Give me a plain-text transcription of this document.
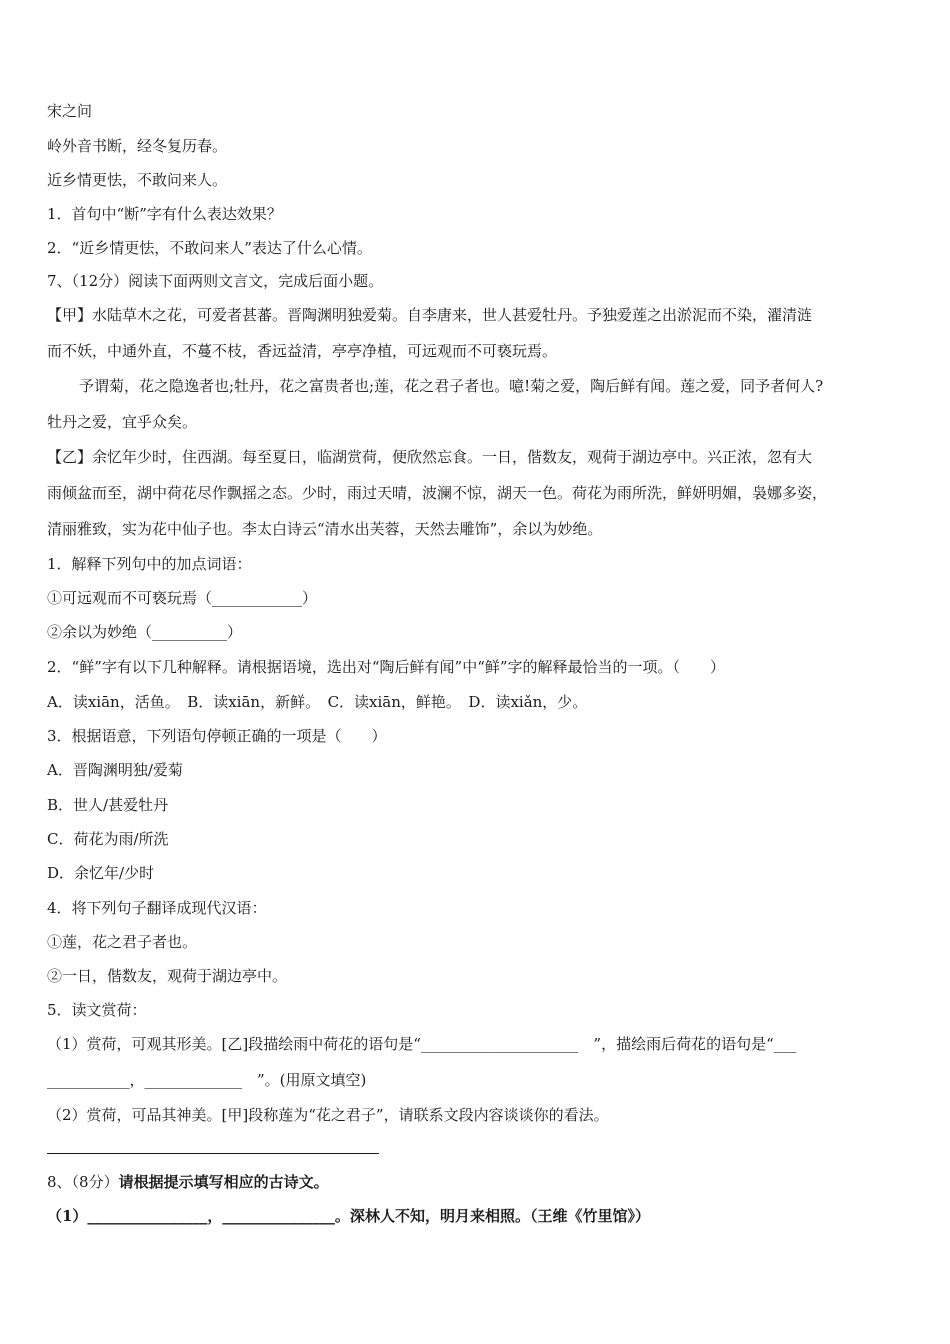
宋之问
岭外音书断，经冬复历春。
近乡情更怯，不敢问来人。
1．首句中“断”字有什么表达效果？
2．“近乡情更怯，不敢问来人”表达了什么心情。
7、（12分）阅读下面两则文言文，完成后面小题。
【甲】水陆草木之花，可爱者甚蕃。晋陶渊明独爱菊。自李唐来，世人甚爱牡丹。予独爱莲之出淤泥而不染，濯清涟
而不妖，中通外直，不蔓不枝，香远益清，亭亭净植，可远观而不可亵玩焉。
予谓菊，花之隐逸者也;牡丹，花之富贵者也;莲，花之君子者也。噫!菊之爱，陶后鲜有闻。莲之爱，同予者何人?
牡丹之爱，宜乎众矣。
【乙】余忆年少时，住西湖。每至夏日，临湖赏荷，便欣然忘食。一日，偕数友，观荷于湖边亭中。兴正浓，忽有大
雨倾盆而至，湖中荷花尽作飘摇之态。少时，雨过天晴，波澜不惊，湖天一色。荷花为雨所洗，鲜妍明媚，袅娜多姿，
清丽雅致，实为花中仙子也。李太白诗云“清水出芙蓉，天然去雕饰”，余以为妙绝。
1．解释下列句中的加点词语：
①可远观而不可亵玩焉（____________）
②余以为妙绝（__________）
2．“鲜”字有以下几种解释。请根据语境，选出对“陶后鲜有闻”中“鲜”字的解释最恰当的一项。（　　）
A．读xiān，活鱼。　B．读xiān，新鲜。　C．读xiān，鲜艳。　D．读xiǎn，少。
3．根据语意，下列语句停顿正确的一项是（　　）
A．晋陶渊明独/爱菊
B．世人/甚爱牡丹
C．荷花为雨/所洗
D．余忆年/少时
4．将下列句子翻译成现代汉语：
①莲，花之君子者也。
②一日，偕数友，观荷于湖边亭中。
5．读文赏荷：
（1）赏荷，可观其形美。[乙]段描绘雨中荷花的语句是“_____________________　”，描绘雨后荷花的语句是“___
___________，_____________　”。(用原文填空)
（2）赏荷，可品其神美。[甲]段称莲为“花之君子”，请联系文段内容谈谈你的看法。
8、（8分）请根据提示填写相应的古诗文。
（1）________________，_______________。深林人不知，明月来相照。（王维《竹里馆》）
